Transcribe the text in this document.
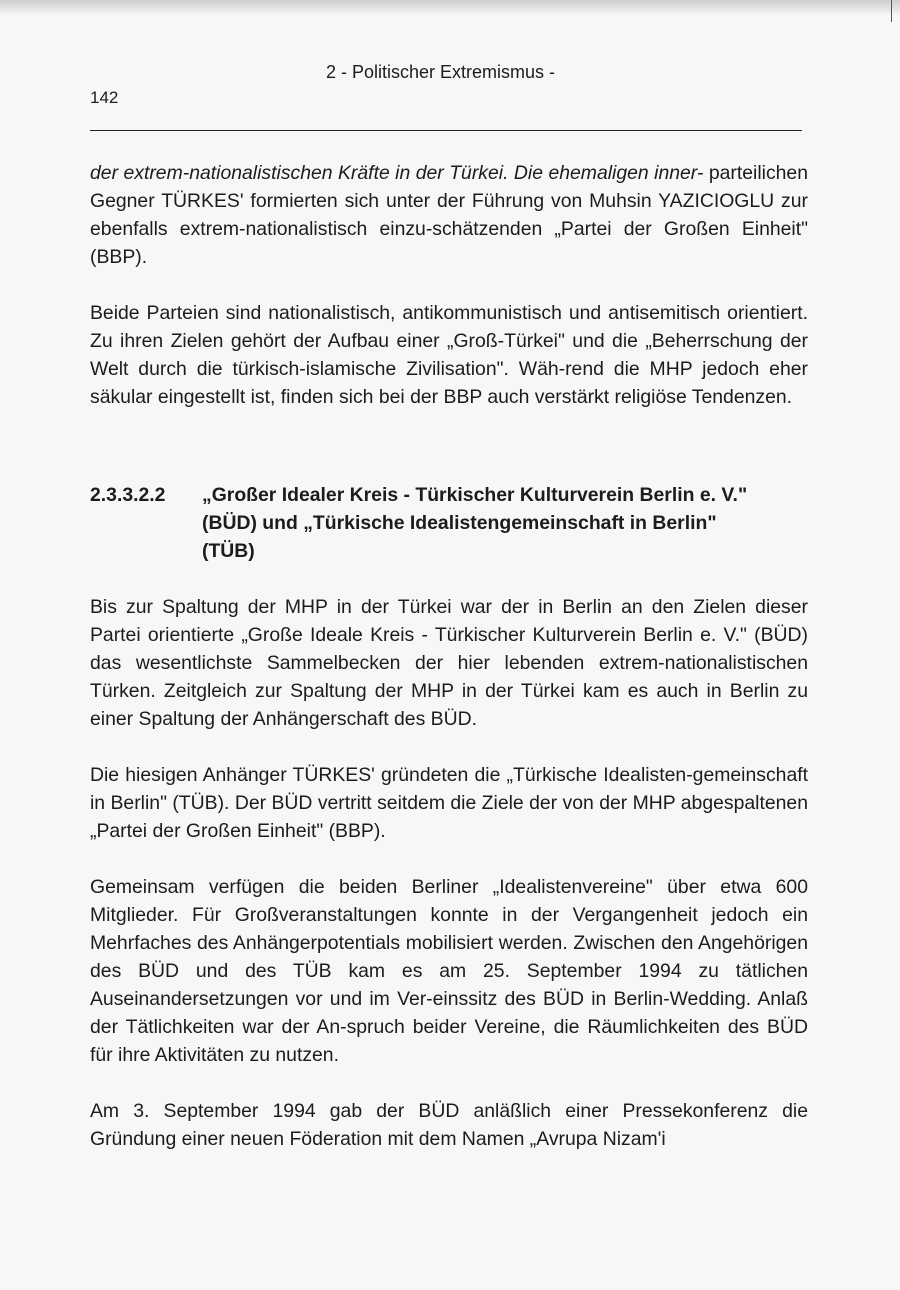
2 - Politischer Extremismus -
142

der extrem-nationalistischen Kräfte in der Türkei. Die ehemaligen inner- parteilichen Gegner TÜRKES' formierten sich unter der Führung von Muhsin YAZICIOGLU zur ebenfalls extrem-nationalistisch einzu-schätzenden „Partei der Großen Einheit" (BBP).

Beide Parteien sind nationalistisch, antikommunistisch und antisemitisch orientiert. Zu ihren Zielen gehört der Aufbau einer „Groß-Türkei" und die „Beherrschung der Welt durch die türkisch-islamische Zivilisation". Wäh-rend die MHP jedoch eher säkular eingestellt ist, finden sich bei der BBP auch verstärkt religiöse Tendenzen.

2.3.3.2.2 „Großer Idealer Kreis - Türkischer Kulturverein Berlin e. V." (BÜD) und „Türkische Idealistengemeinschaft in Berlin" (TÜB)

Bis zur Spaltung der MHP in der Türkei war der in Berlin an den Zielen dieser Partei orientierte „Große Ideale Kreis - Türkischer Kulturverein Berlin e. V." (BÜD) das wesentlichste Sammelbecken der hier lebenden extrem-nationalistischen Türken. Zeitgleich zur Spaltung der MHP in der Türkei kam es auch in Berlin zu einer Spaltung der Anhängerschaft des BÜD.

Die hiesigen Anhänger TÜRKES' gründeten die „Türkische Idealisten-gemeinschaft in Berlin" (TÜB). Der BÜD vertritt seitdem die Ziele der von der MHP abgespaltenen „Partei der Großen Einheit" (BBP).

Gemeinsam verfügen die beiden Berliner „Idealistenvereine" über etwa 600 Mitglieder. Für Großveranstaltungen konnte in der Vergangenheit jedoch ein Mehrfaches des Anhängerpotentials mobilisiert werden. Zwischen den Angehörigen des BÜD und des TÜB kam es am 25. September 1994 zu tätlichen Auseinandersetzungen vor und im Ver-einssitz des BÜD in Berlin-Wedding. Anlaß der Tätlichkeiten war der An-spruch beider Vereine, die Räumlichkeiten des BÜD für ihre Aktivitäten zu nutzen.

Am 3. September 1994 gab der BÜD anläßlich einer Pressekonferenz die Gründung einer neuen Föderation mit dem Namen „Avrupa Nizam'i
